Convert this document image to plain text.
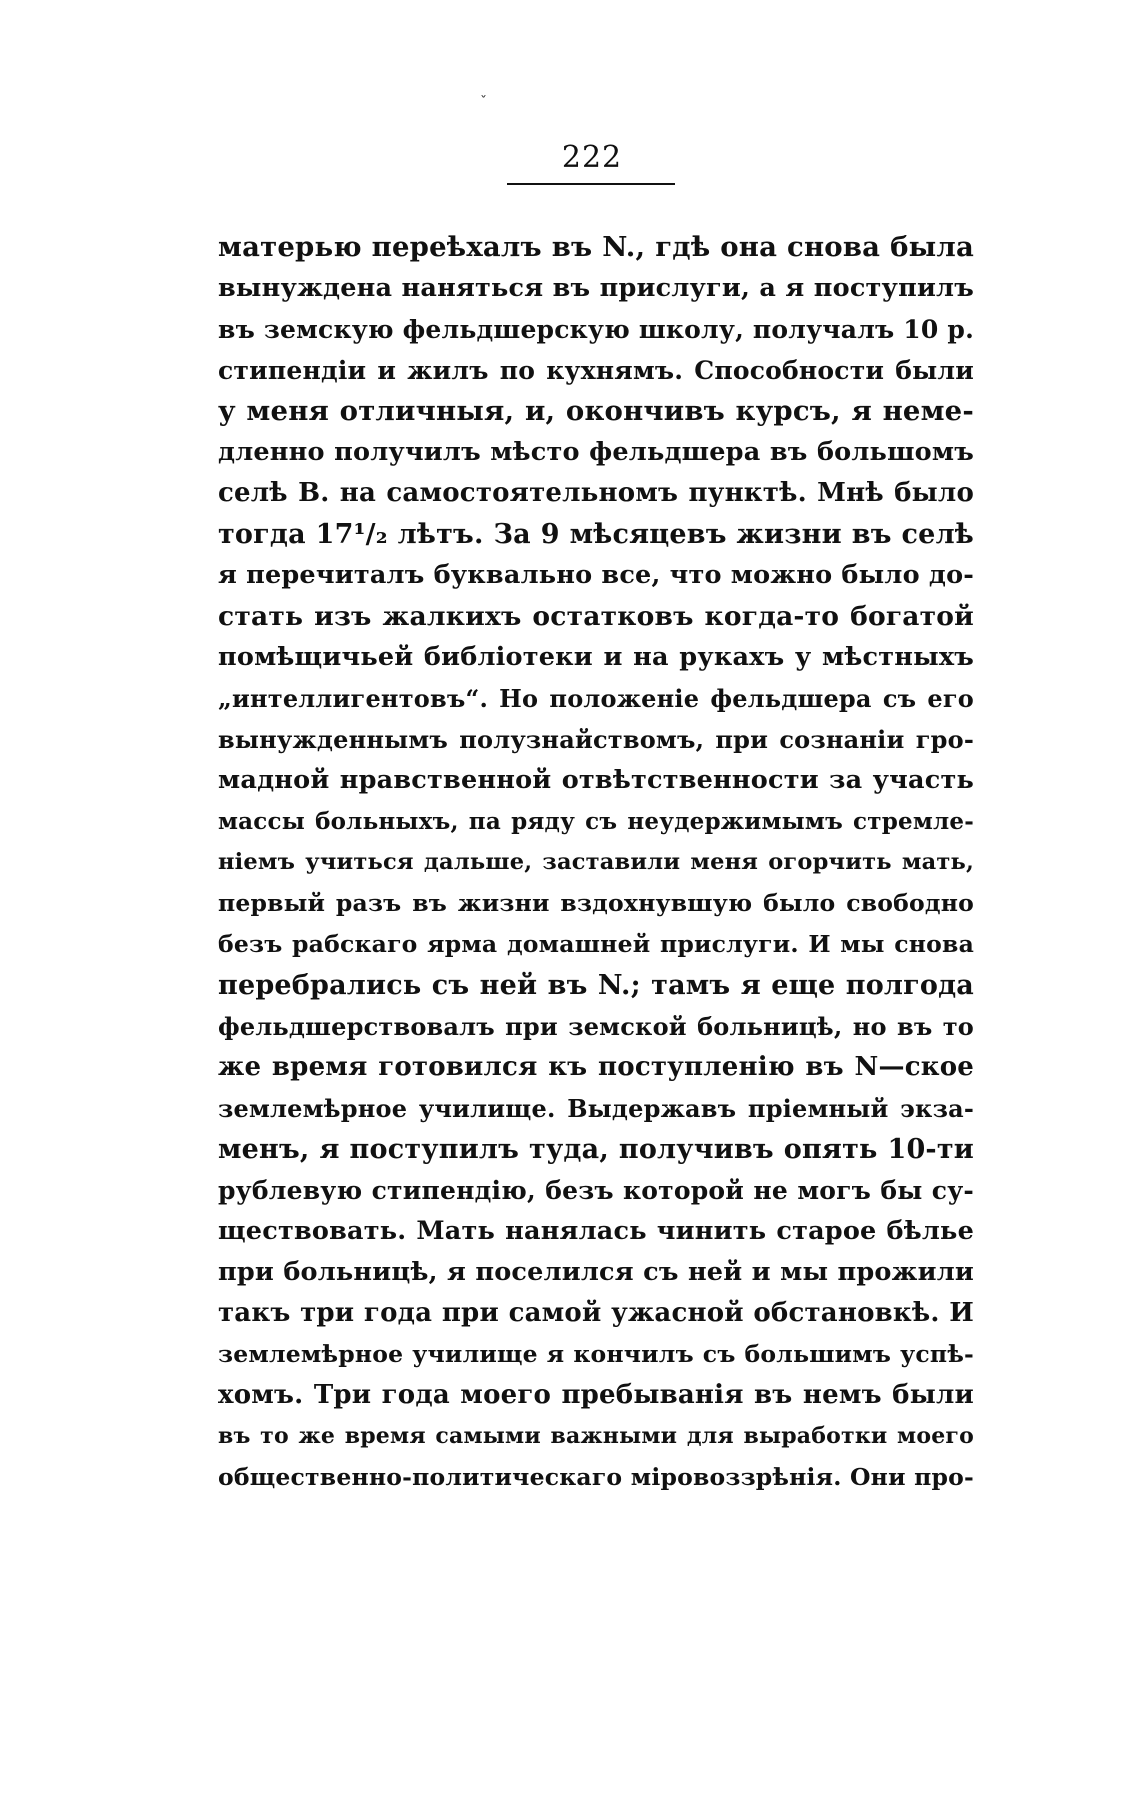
ˇ
222
матерью переѣхалъ въ N., гдѣ она снова была
вынуждена наняться въ прислуги, а я поступилъ
въ земскую фельдшерскую школу, получалъ 10 р.
стипендіи и жилъ по кухнямъ. Способности были
у меня отличныя, и, окончивъ курсъ, я неме-
дленно получилъ мѣсто фельдшера въ большомъ
селѣ В. на самостоятельномъ пунктѣ. Мнѣ было
тогда 17¹/₂ лѣтъ. За 9 мѣсяцевъ жизни въ селѣ
я перечиталъ буквально все, что можно было до-
стать изъ жалкихъ остатковъ когда-то богатой
помѣщичьей библіотеки и на рукахъ у мѣстныхъ
„интеллигентовъ“. Но положеніе фельдшера съ его
вынужденнымъ полузнайствомъ, при сознаніи гро-
мадной нравственной отвѣтственности за участь
массы больныхъ, па ряду съ неудержимымъ стремле-
ніемъ учиться дальше, заставили меня огорчить мать,
первый разъ въ жизни вздохнувшую было свободно
безъ рабскаго ярма домашней прислуги. И мы снова
перебрались съ ней въ N.; тамъ я еще полгода
фельдшерствовалъ при земской больницѣ, но въ то
же время готовился къ поступленію въ N—ское
землемѣрное училище. Выдержавъ пріемный экза-
менъ, я поступилъ туда, получивъ опять 10-ти
рублевую стипендію, безъ которой не могъ бы су-
ществовать. Мать нанялась чинить старое бѣлье
при больницѣ, я поселился съ ней и мы прожили
такъ три года при самой ужасной обстановкѣ. И
землемѣрное училище я кончилъ съ большимъ успѣ-
хомъ. Три года моего пребыванія въ немъ были
въ то же время самыми важными для выработки моего
общественно-политическаго міровоззрѣнія. Они про-
